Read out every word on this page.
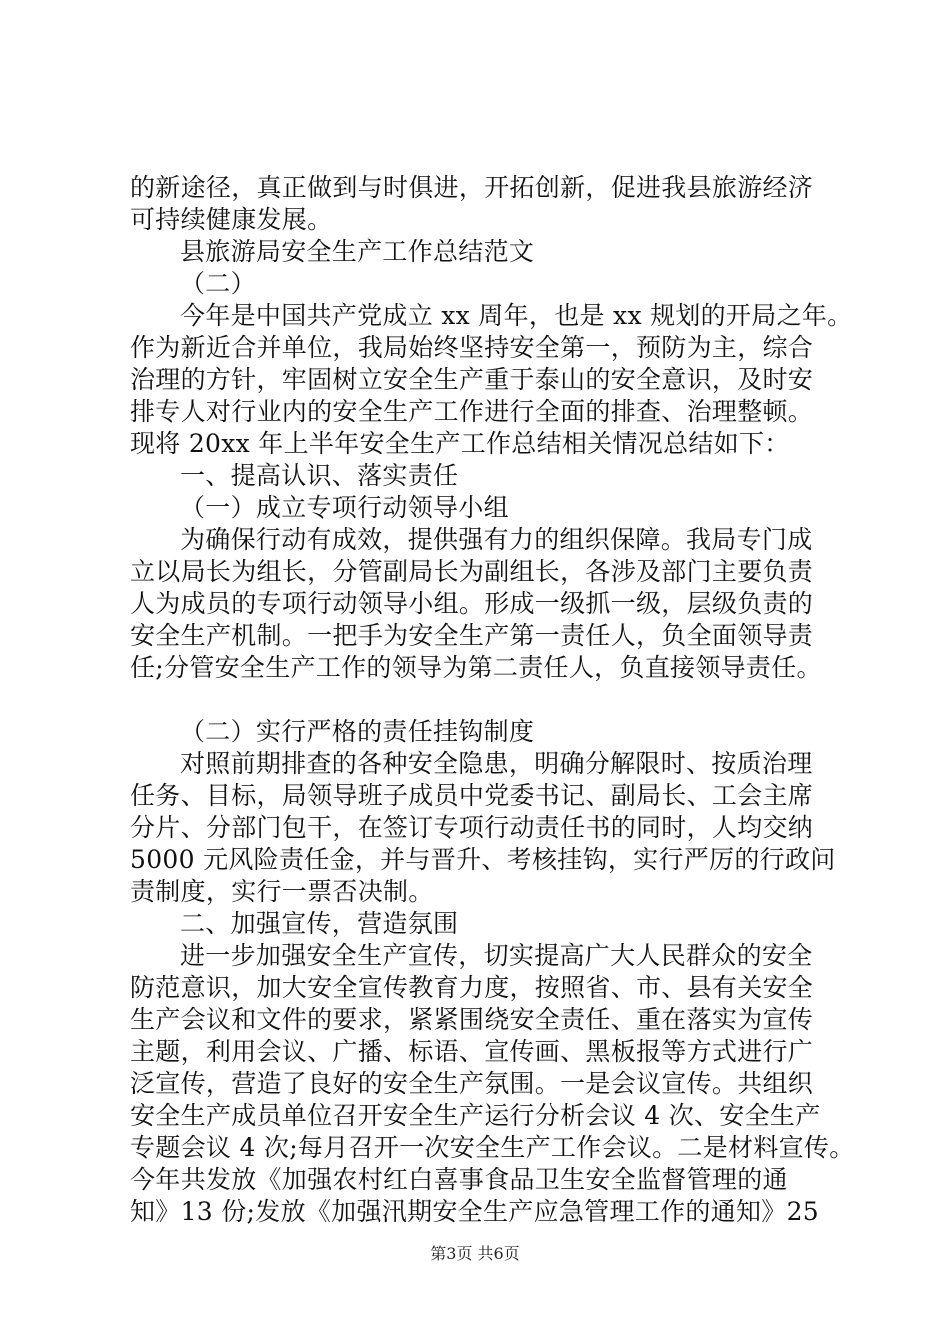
的新途径，真正做到与时俱进，开拓创新，促进我县旅游经济
可持续健康发展。
县旅游局安全生产工作总结范文
（二）
今年是中国共产党成立 xx 周年，也是 xx 规划的开局之年。
作为新近合并单位，我局始终坚持安全第一，预防为主，综合
治理的方针，牢固树立安全生产重于泰山的安全意识，及时安
排专人对行业内的安全生产工作进行全面的排查、治理整顿。
现将 20xx 年上半年安全生产工作总结相关情况总结如下：
一、提高认识、落实责任
（一）成立专项行动领导小组
为确保行动有成效，提供强有力的组织保障。我局专门成
立以局长为组长，分管副局长为副组长，各涉及部门主要负责
人为成员的专项行动领导小组。形成一级抓一级，层级负责的
安全生产机制。一把手为安全生产第一责任人，负全面领导责
任;分管安全生产工作的领导为第二责任人，负直接领导责任。
（二）实行严格的责任挂钩制度
对照前期排查的各种安全隐患，明确分解限时、按质治理
任务、目标，局领导班子成员中党委书记、副局长、工会主席
分片、分部门包干，在签订专项行动责任书的同时，人均交纳
5000 元风险责任金，并与晋升、考核挂钩，实行严厉的行政问
责制度，实行一票否决制。
二、加强宣传，营造氛围
进一步加强安全生产宣传，切实提高广大人民群众的安全
防范意识，加大安全宣传教育力度，按照省、市、县有关安全
生产会议和文件的要求，紧紧围绕安全责任、重在落实为宣传
主题，利用会议、广播、标语、宣传画、黑板报等方式进行广
泛宣传，营造了良好的安全生产氛围。一是会议宣传。共组织
安全生产成员单位召开安全生产运行分析会议 4 次、安全生产
专题会议 4 次;每月召开一次安全生产工作会议。二是材料宣传。
今年共发放《加强农村红白喜事食品卫生安全监督管理的通
知》13 份;发放《加强汛期安全生产应急管理工作的通知》25
第3页 共6页
